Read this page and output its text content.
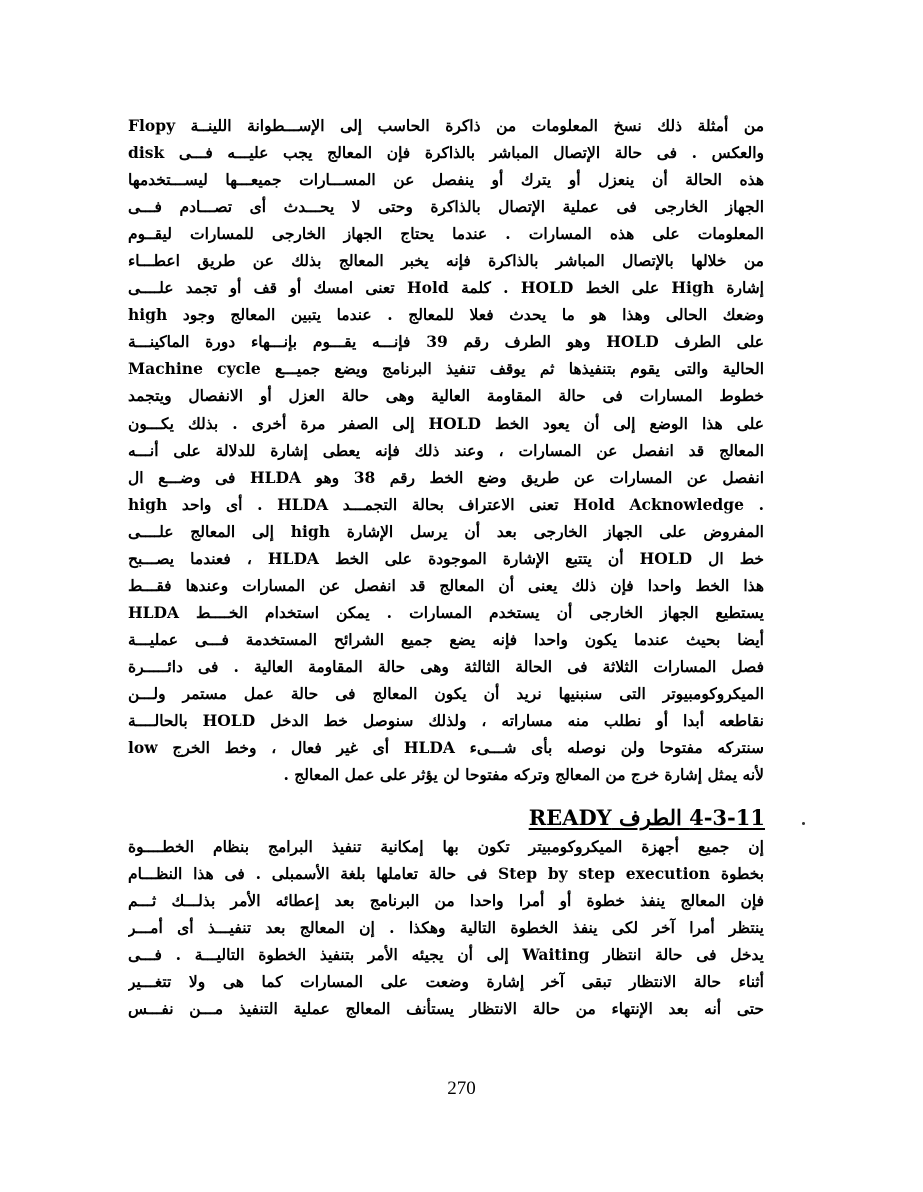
من أمثلة ذلك نسخ المعلومات من ذاكرة الحاسب إلى الإســـطوانة اللينــة Flopy
disk والعكس . فى حالة الإتصال المباشر بالذاكرة فإن المعالج يجب عليـــه فـــى
هذه الحالة أن ينعزل أو يترك أو ينفصل عن المســـارات جميعـــها ليســـتخدمها
الجهاز الخارجى فى عملية الإتصال بالذاكرة وحتى لا يحـــدث أى تصـــادم فـــى
المعلومات على هذه المسارات . عندما يحتاج الجهاز الخارجى للمسارات ليقــوم
من خلالها بالإتصال المباشر بالذاكرة فإنه يخبر المعالج بذلك عن طريق اعطـــاء
إشارة High على الخط HOLD . كلمة Hold تعنى امسك أو قف أو تجمد علــــى
وضعك الحالى وهذا هو ما يحدث فعلا للمعالج . عندما يتبين المعالج وجود high
على الطرف HOLD وهو الطرف رقم 39 فإنـــه يقـــوم بإنـــهاء دورة الماكينـــة
Machine cycle الحالية والتى يقوم بتنفيذها ثم يوقف تنفيذ البرنامج ويضع جميـــع
خطوط المسارات فى حالة المقاومة العالية وهى حالة العزل أو الانفصال ويتجمد
على هذا الوضع إلى أن يعود الخط HOLD إلى الصفر مرة أخرى . بذلك يكـــون
المعالج قد انفصل عن المسارات ، وعند ذلك فإنه يعطى إشارة للدلالة على أنـــه
انفصل عن المسارات عن طريق وضع الخط رقم 38 وهو HLDA فى وضـــع ال
high أى واحد . HLDA تعنى الاعتراف بحالة التجمـــد Hold Acknowledge .
المفروض على الجهاز الخارجى بعد أن يرسل الإشارة high إلى المعالج علــــى
خط ال HOLD أن يتتبع الإشارة الموجودة على الخط HLDA ، فعندما يصـــبح
هذا الخط واحدا فإن ذلك يعنى أن المعالج قد انفصل عن المسارات وعندها فقـــط
يستطيع الجهاز الخارجى أن يستخدم المسارات . يمكن استخدام الخــــط HLDA
أيضا بحيث عندما يكون واحدا فإنه يضع جميع الشرائح المستخدمة فـــى عمليـــة
فصل المسارات الثلاثة فى الحالة الثالثة وهى حالة المقاومة العالية . فى دائـــــرة
الميكروكومبيوتر التى سنبنيها نريد أن يكون المعالج فى حالة عمل مستمر ولـــن
نقاطعه أبدا أو نطلب منه مساراته ، ولذلك سنوصل خط الدخل HOLD بالحالــــة
low أى غير فعال ، وخط الخرج HLDA سنتركه مفتوحا ولن نوصله بأى شـــىء
لأنه يمثل إشارة خرج من المعالج وتركه مفتوحا لن يؤثر على عمل المعالج .
4-3-11 الطرف READY
إن جميع أجهزة الميكروكومبيتر تكون بها إمكانية تنفيذ البرامج بنظام الخطــــوة
بخطوة Step by step execution فى حالة تعاملها بلغة الأسمبلى . فى هذا النظـــام
فإن المعالج ينفذ خطوة أو أمرا واحدا من البرنامج بعد إعطائه الأمر بذلـــك ثـــم
ينتظر أمرا آخر لكى ينفذ الخطوة التالية وهكذا . إن المعالج بعد تنفيـــذ أى أمـــر
يدخل فى حالة انتظار Waiting إلى أن يجيئه الأمر بتنفيذ الخطوة التاليـــة . فـــى
أثناء حالة الانتظار تبقى آخر إشارة وضعت على المسارات كما هى ولا تتغـــير
حتى أنه بعد الإنتهاء من حالة الانتظار يستأنف المعالج عملية التنفيذ مـــن نفـــس
270
